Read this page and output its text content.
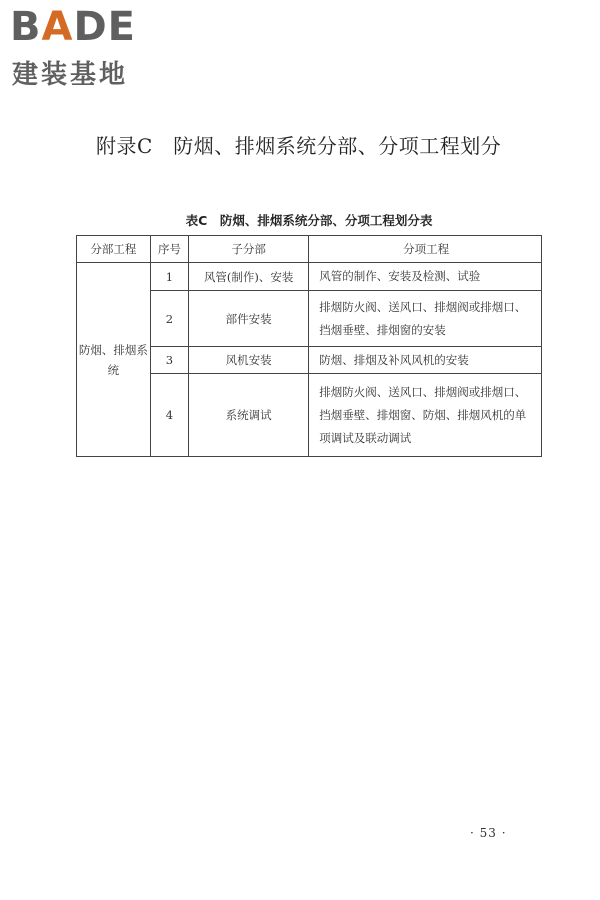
BADE
建装基地
附录C　防烟、排烟系统分部、分项工程划分
表C　防烟、排烟系统分部、分项工程划分表
分部工程	序号	子分部	分项工程
防烟、排烟系统	1	风管(制作)、安装	风管的制作、安装及检测、试验
	2	部件安装	排烟防火阀、送风口、排烟阀或排烟口、挡烟垂壁、排烟窗的安装
	3	风机安装	防烟、排烟及补风风机的安装
	4	系统调试	排烟防火阀、送风口、排烟阀或排烟口、挡烟垂壁、排烟窗、防烟、排烟风机的单项调试及联动调试
· 53 ·
